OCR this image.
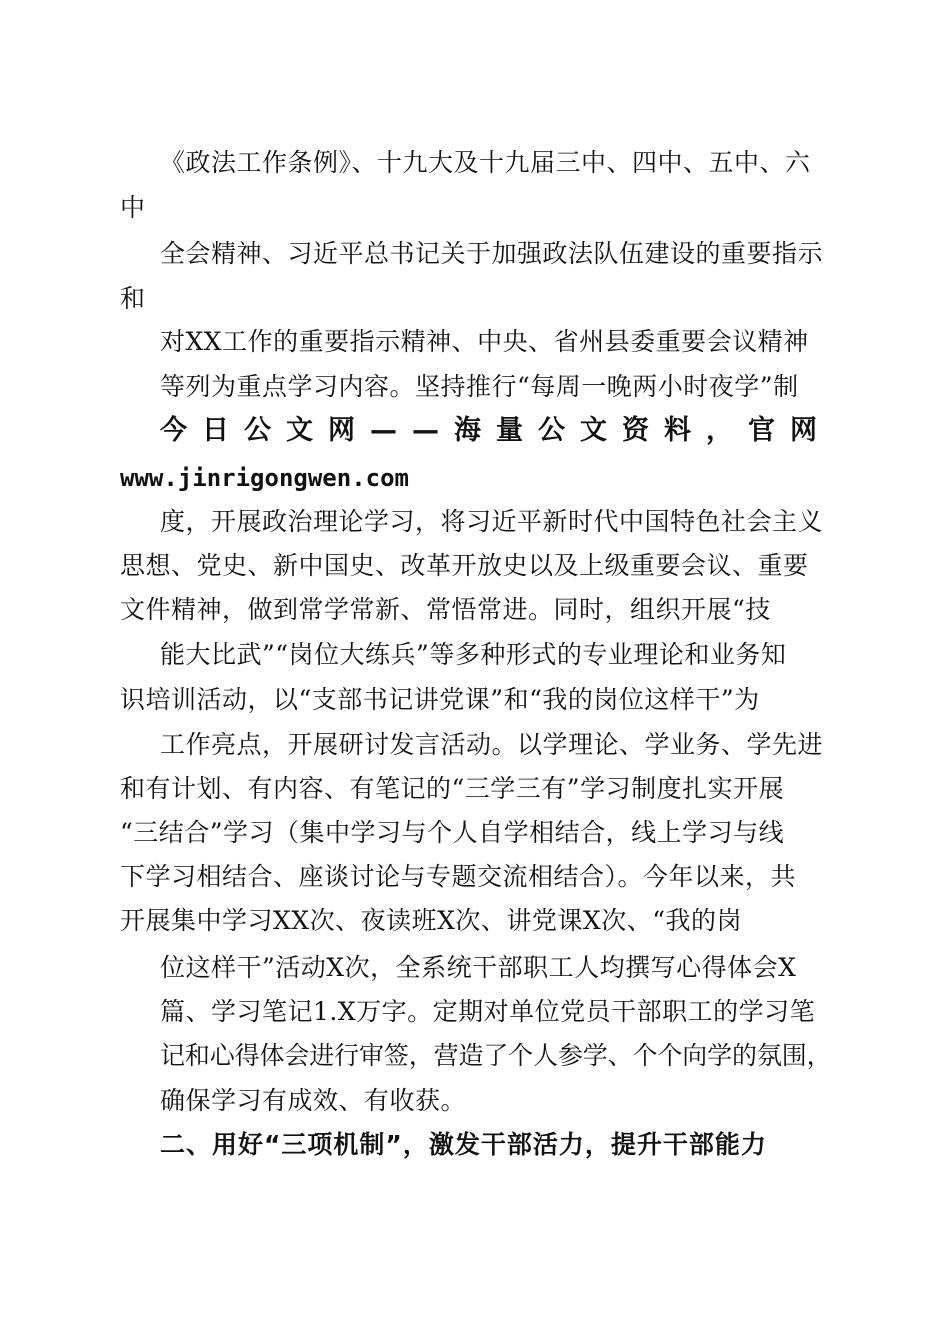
《政法工作条例》、十九大及十九届三中、四中、五中、六
中
全会精神、习近平总书记关于加强政法队伍建设的重要指示
和
对XX工作的重要指示精神、中央、省州县委重要会议精神
等列为重点学习内容。坚持推行“每周一晚两小时夜学”制
今日公文网——海量公文资料，官网
www.jinrigongwen.com
度，开展政治理论学习，将习近平新时代中国特色社会主义
思想、党史、新中国史、改革开放史以及上级重要会议、重要
文件精神，做到常学常新、常悟常进。同时，组织开展“技
能大比武”“岗位大练兵”等多种形式的专业理论和业务知
识培训活动，以“支部书记讲党课”和“我的岗位这样干”为
工作亮点，开展研讨发言活动。以学理论、学业务、学先进
和有计划、有内容、有笔记的“三学三有”学习制度扎实开展
“三结合”学习（集中学习与个人自学相结合，线上学习与线
下学习相结合、座谈讨论与专题交流相结合）。今年以来，共
开展集中学习XX次、夜读班X次、讲党课X次、“我的岗
位这样干”活动X次，全系统干部职工人均撰写心得体会X
篇、学习笔记1.X万字。定期对单位党员干部职工的学习笔
记和心得体会进行审签，营造了个人参学、个个向学的氛围，
确保学习有成效、有收获。
二、用好“三项机制”，激发干部活力，提升干部能力
